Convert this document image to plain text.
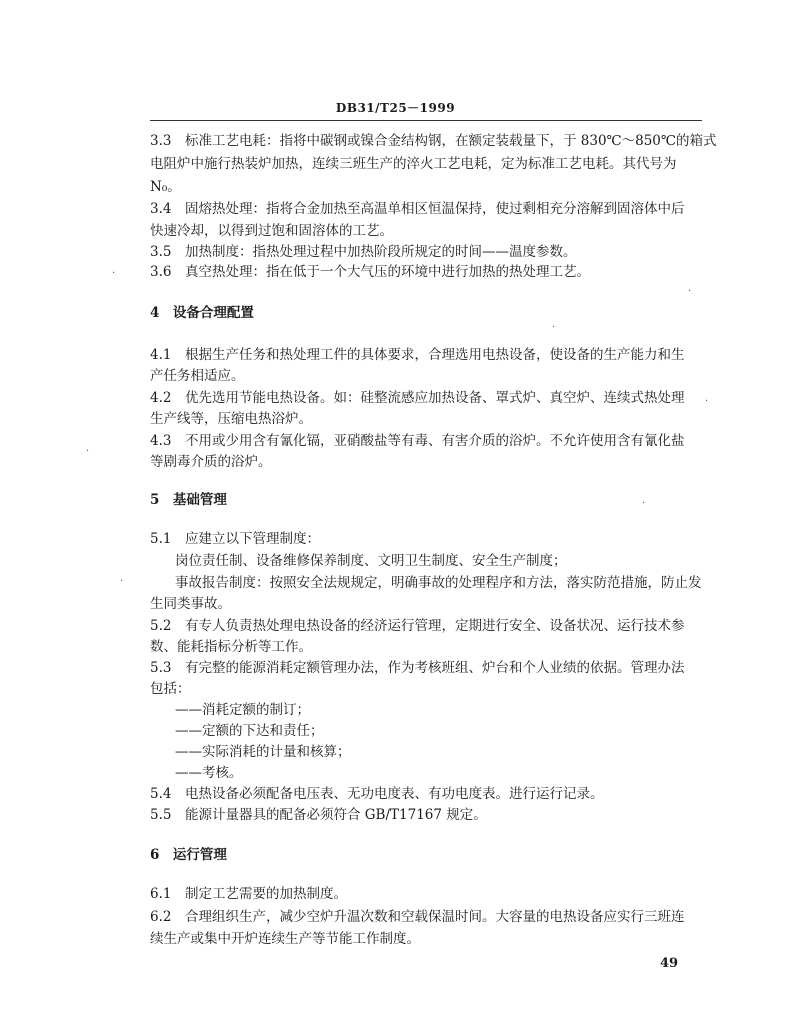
DB31/T25－1999
3.3　标准工艺电耗：指将中碳钢或镍合金结构钢，在额定装载量下，于 830℃～850℃的箱式
电阻炉中施行热装炉加热，连续三班生产的淬火工艺电耗，定为标准工艺电耗。其代号为
N₀。
3.4　固熔热处理：指将合金加热至高温单相区恒温保持，使过剩相充分溶解到固溶体中后
快速冷却，以得到过饱和固溶体的工艺。
3.5　加热制度：指热处理过程中加热阶段所规定的时间——温度参数。
3.6　真空热处理：指在低于一个大气压的环境中进行加热的热处理工艺。
4　设备合理配置
4.1　根据生产任务和热处理工件的具体要求，合理选用电热设备，使设备的生产能力和生
产任务相适应。
4.2　优先选用节能电热设备。如：硅整流感应加热设备、罩式炉、真空炉、连续式热处理
生产线等，压缩电热浴炉。
4.3　不用或少用含有氰化镉，亚硝酸盐等有毒、有害介质的浴炉。不允许使用含有氰化盐
等剧毒介质的浴炉。
5　基础管理
5.1　应建立以下管理制度：
岗位责任制、设备维修保养制度、文明卫生制度、安全生产制度；
事故报告制度：按照安全法规规定，明确事故的处理程序和方法，落实防范措施，防止发
生同类事故。
5.2　有专人负责热处理电热设备的经济运行管理，定期进行安全、设备状况、运行技术参
数、能耗指标分析等工作。
5.3　有完整的能源消耗定额管理办法，作为考核班组、炉台和个人业绩的依据。管理办法
包括：
——消耗定额的制订；
——定额的下达和责任；
——实际消耗的计量和核算；
——考核。
5.4　电热设备必须配备电压表、无功电度表、有功电度表。进行运行记录。
5.5　能源计量器具的配备必须符合 GB/T17167 规定。
6　运行管理
6.1　制定工艺需要的加热制度。
6.2　合理组织生产，减少空炉升温次数和空载保温时间。大容量的电热设备应实行三班连
续生产或集中开炉连续生产等节能工作制度。
49
·
·
·
·
·
·
·
